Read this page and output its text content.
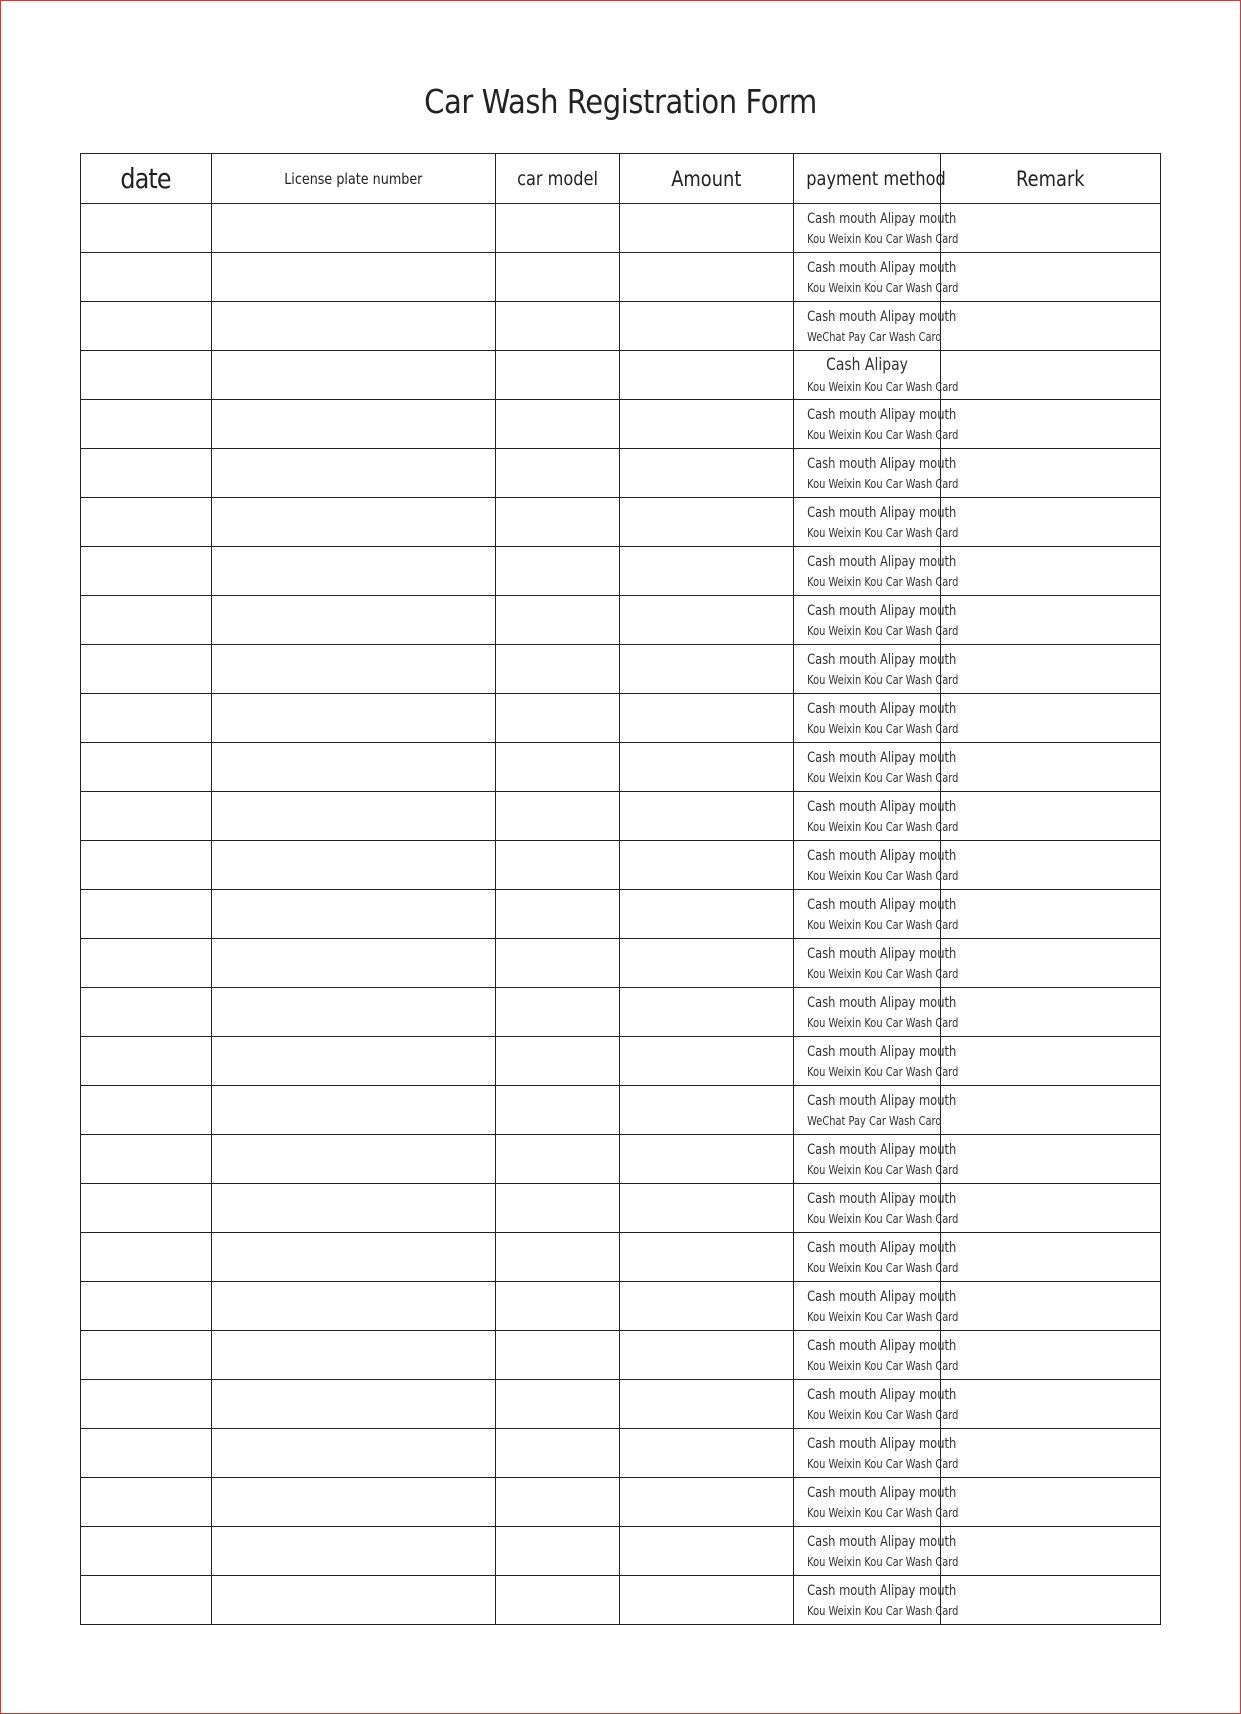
Car Wash Registration Form
date	License plate number	car model	Amount	payment method	Remark

				Cash mouth Alipay mouth
Kou Weixin Kou Car Wash Card	

				Cash mouth Alipay mouth
Kou Weixin Kou Car Wash Card	

				Cash mouth Alipay mouth
WeChat Pay Car Wash Card	

				Cash Alipay
Kou Weixin Kou Car Wash Card	

				Cash mouth Alipay mouth
Kou Weixin Kou Car Wash Card	

				Cash mouth Alipay mouth
Kou Weixin Kou Car Wash Card	

				Cash mouth Alipay mouth
Kou Weixin Kou Car Wash Card	

				Cash mouth Alipay mouth
Kou Weixin Kou Car Wash Card	

				Cash mouth Alipay mouth
Kou Weixin Kou Car Wash Card	

				Cash mouth Alipay mouth
Kou Weixin Kou Car Wash Card	

				Cash mouth Alipay mouth
Kou Weixin Kou Car Wash Card	

				Cash mouth Alipay mouth
Kou Weixin Kou Car Wash Card	

				Cash mouth Alipay mouth
Kou Weixin Kou Car Wash Card	

				Cash mouth Alipay mouth
Kou Weixin Kou Car Wash Card	

				Cash mouth Alipay mouth
Kou Weixin Kou Car Wash Card	

				Cash mouth Alipay mouth
Kou Weixin Kou Car Wash Card	

				Cash mouth Alipay mouth
Kou Weixin Kou Car Wash Card	

				Cash mouth Alipay mouth
Kou Weixin Kou Car Wash Card	

				Cash mouth Alipay mouth
WeChat Pay Car Wash Card	

				Cash mouth Alipay mouth
Kou Weixin Kou Car Wash Card	

				Cash mouth Alipay mouth
Kou Weixin Kou Car Wash Card	

				Cash mouth Alipay mouth
Kou Weixin Kou Car Wash Card	

				Cash mouth Alipay mouth
Kou Weixin Kou Car Wash Card	

				Cash mouth Alipay mouth
Kou Weixin Kou Car Wash Card	

				Cash mouth Alipay mouth
Kou Weixin Kou Car Wash Card	

				Cash mouth Alipay mouth
Kou Weixin Kou Car Wash Card	

				Cash mouth Alipay mouth
Kou Weixin Kou Car Wash Card	

				Cash mouth Alipay mouth
Kou Weixin Kou Car Wash Card	

				Cash mouth Alipay mouth
Kou Weixin Kou Car Wash Card	
